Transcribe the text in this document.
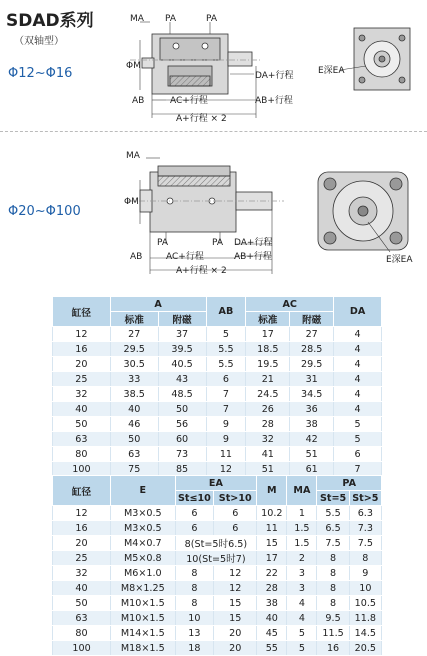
SDAD系列
（双轴型）
Φ12~Φ16
Φ20~Φ100
MA PA	PA
ΦM
DA+行程
AB	AC+行程	AB+行程
A+行程 × 2
E深EA
MA
ΦM
PA	PA DA+行程
AB+行程
AB	AC+行程
A+行程 × 2
E深EA
缸径	A		AB	AC		DA
	标准	附磁		标准	附磁	
12	27	37	5	17	27	4
16	29.5	39.5	5.5	18.5	28.5	4
20	30.5	40.5	5.5	19.5	29.5	4
25	33	43	6	21	31	4
32	38.5	48.5	7	24.5	34.5	4
40	40	50	7	26	36	4
50	46	56	9	28	38	5
63	50	60	9	32	42	5
80	63	73	11	41	51	6
100	75	85	12	51	61	7
缸径	E	EA		M	MA	PA	
		St≤10	St>10			St=5	St>5
12	M3×0.5	6	6	10.2	1	5.5	6.3
16	M3×0.5	6	6	11	1.5	6.5	7.3
20	M4×0.7	8(St=5时6.5)		15	1.5	7.5	7.5
25	M5×0.8	10(St=5时7)		17	2	8	8
32	M6×1.0	8	12	22	3	8	9
40	M8×1.25	8	12	28	3	8	10
50	M10×1.5	8	15	38	4	8	10.5
63	M10×1.5	10	15	40	4	9.5	11.8
80	M14×1.5	13	20	45	5	11.5	14.5
100	M18×1.5	18	20	55	5	16	20.5
